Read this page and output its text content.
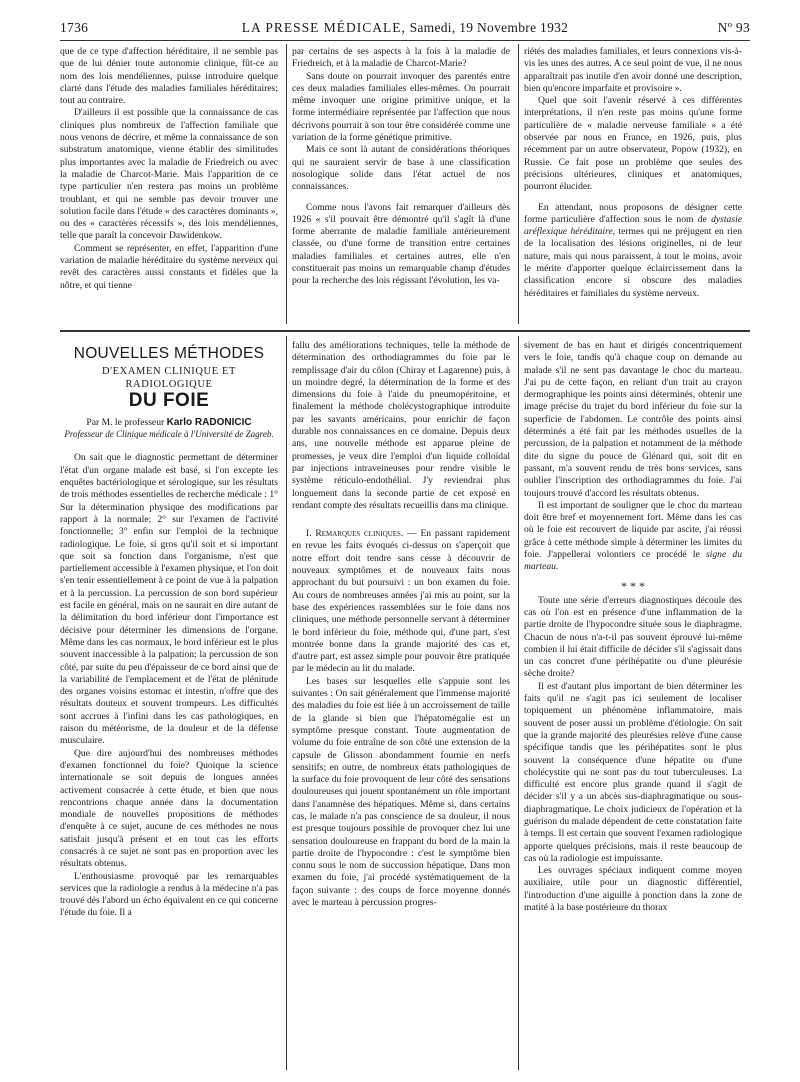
1736	LA PRESSE MÉDICALE, Samedi, 19 Novembre 1932	Nº 93

que de ce type d'affection héréditaire, il ne semble pas que de lui dénier toute autonomie clinique, fût-ce au nom des lois mendéliennes, puisse introduire quelque clarté dans l'étude des maladies familiales héréditaires; tout au contraire.

D'ailleurs il est possible que la connaissance de cas cliniques plus nombreux de l'affection familiale que nous venons de décrire, et même la connaissance de son substratum anatomique, vienne établir des similitudes plus importantes avec la maladie de Friedreich ou avec la maladie de Charcot-Marie. Mais l'apparition de ce type particulier n'en restera pas moins un problème troublant, et qui ne semble pas devoir trouver une solution facile dans l'étude « des caractères dominants », ou des « caractères récessifs », des lois mendéliennes, telle que paraît la concevoir Dawidenkow.

Comment se représenter, en effet, l'apparition d'une variation de maladie héréditaire du système nerveux qui revêt des caractères aussi constants et fidèles que la nôtre, et qui tienne

par certains de ses aspects à la fois à la maladie de Friedreich, et à la maladie de Charcot-Marie?

Sans doute on pourrait invoquer des parentés entre ces deux maladies familiales elles-mêmes. On pourrait même invoquer une origine primitive unique, et la forme intermédiaire représentée par l'affection que nous décrivons pourrait à son tour être considérée comme une variation de la forme génétique primitive.

Mais ce sont là autant de considérations théoriques qui ne sauraient servir de base à une classification nosologique solide dans l'état actuel de nos connaissances.

Comme nous l'avons fait remarquer d'ailleurs dès 1926 « s'il pouvait être démontré qu'il s'agît là d'une forme aberrante de maladie familiale antérieurement classée, ou d'une forme de transition entre certaines maladies familiales et certaines autres, elle n'en constituerait pas moins un remarquable champ d'études pour la recherche des lois régissant l'évolution, les va-

riétés des maladies familiales, et leurs connexions vis-à-vis les unes des autres. A ce seul point de vue, il ne nous apparaîtrait pas inutile d'en avoir donné une description, bien qu'encore imparfaite et provisoire ».

Quel que soit l'avenir réservé à ces différentes interprétations, il n'en reste pas moins qu'une forme particulière de « maladie nerveuse familiale » a été observée par nous en France, en 1926, puis, plus récemment par un autre observateur, Popow (1932), en Russie. Ce fait pose un problème que seules des précisions ultérieures, cliniques et anatomiques, pourront élucider.

En attendant, nous proposons de désigner cette forme particulière d'affection sous le nom de dystasie aréflexique héréditaire, termes qui ne préjugent en rien de la localisation des lésions originelles, ni de leur nature, mais qui nous paraissent, à tout le moins, avoir le mérite d'apporter quelque éclaircissement dans la classification encore si obscure des maladies héréditaires et familiales du système nerveux.

NOUVELLES MÉTHODES
D'EXAMEN CLINIQUE ET RADIOLOGIQUE
DU FOIE
Par M. le professeur Karlo RADONICIC
Professeur de Clinique médicale à l'Université de Zagreb.

On sait que le diagnostic permettant de déterminer l'état d'un organe malade est basé, si l'on excepte les enquêtes bactériologique et sérologique, sur les résultats de trois méthodes essentielles de recherche médicale : 1° Sur la détermination physique des modifications par rapport à la normale; 2° sur l'examen de l'activité fonctionnelle; 3° enfin sur l'emploi de la technique radiologique. Le foie, si gros qu'il soit et si important que soit sa fonction dans l'organisme, n'est que partiellement accessible à l'examen physique, et l'on doit s'en tenir essentiellement à ce point de vue à la palpation et à la percussion. La percussion de son bord supérieur est facile en général, mais on ne saurait en dire autant de la délimitation du bord inférieur dont l'importance est décisive pour déterminer les dimensions de l'organe. Même dans les cas normaux, le bord inférieur est le plus souvent inaccessible à la palpation; la percussion de son côté, par suite du peu d'épaisseur de ce bord ainsi que de la variabilité de l'emplacement et de l'état de plénitude des organes voisins estomac et intestin, n'offre que des résultats douteux et souvent trompeurs. Les difficultés sont accrues à l'infini dans les cas pathologiques, en raison du météorisme, de la douleur et de la défense musculaire.

Que dire aujourd'hui des nombreuses méthodes d'examen fonctionnel du foie? Quoique la science internationale se soit depuis de longues années activement consacrée à cette étude, et bien que nous rencontrions chaque année dans la documentation mondiale de nouvelles propositions de méthodes d'enquête à ce sujet, aucune de ces méthodes ne nous satisfait jusqu'à présent et en tout cas les efforts consacrés à ce sujet ne sont pas en proportion avec les résultats obtenus.

L'enthousiasme provoqué par les remarquables services que la radiologie a rendus à la médecine n'a pas trouvé dès l'abord un écho équivalent en ce qui concerne l'étude du foie. Il a

fallu des améliorations techniques, telle la méthode de détermination des orthodiagrammes du foie par le remplissage d'air du côlon (Chiray et Lagarenne) puis, à un moindre degré, la détermination de la forme et des dimensions du foie à l'aide du pneumopéritoine, et finalement la méthode cholécystographique introduite par les savants américains, pour enrichir de façon durable nos connaissances en ce domaine. Depuis deux ans, une nouvelle méthode est apparue pleine de promesses, je veux dire l'emploi d'un liquide colloïdal par injections intraveineuses pour rendre visible le système réticulo-endothélial. J'y reviendrai plus longuement dans la seconde partie de cet exposé en rendant compte des résultats recueillis dans ma clinique.

I. Remarques cliniques. — En passant rapidement en revue les faits évoqués ci-dessus on s'aperçoit que notre effort doit tendre sans cesse à découvrir de nouveaux symptômes et de nouveaux faits nous approchant du but poursuivi : un bon examen du foie. Au cours de nombreuses années j'ai mis au point, sur la base des expériences rassemblées sur le foie dans nos cliniques, une méthode personnelle servant à déterminer le bord inférieur du foie, méthode qui, d'une part, s'est montrée bonne dans la grande majorité des cas et, d'autre part, est assez simple pour pouvoir être pratiquée par le médecin au lit du malade.

Les bases sur lesquelles elle s'appuie sont les suivantes : On sait généralement que l'immense majorité des maladies du foie est liée à un accroissement de taille de la glande si bien que l'hépatomégalie est un symptôme presque constant. Toute augmentation de volume du foie entraîne de son côté une extension de la capsule de Glisson abondamment fournie en nerfs sensitifs; en outre, de nombreux états pathologiques de la surface du foie provoquent de leur côté des sensations douloureuses qui jouent spontanément un rôle important dans l'anamnèse des hépatiques. Même si, dans certains cas, le malade n'a pas conscience de sa douleur, il nous est presque toujours possible de provoquer chez lui une sensation douloureuse en frappant du bord de la main la partie droite de l'hypocondre : c'est le symptôme bien connu sous le nom de succussion hépatique. Dans mon examen du foie, j'ai procédé systématiquement de la façon suivante : des coups de force moyenne donnés avec le marteau à percussion progres-

sivement de bas en haut et dirigés concentriquement vers le foie, tandis qu'à chaque coup on demande au malade s'il ne sent pas davantage le choc du marteau. J'ai pu de cette façon, en reliant d'un trait au crayon dermographique les points ainsi déterminés, obtenir une image précise du trajet du bord inférieur du foie sur la superficie de l'abdomen. Le contrôle des points ainsi déterminés a été fait par les méthodes usuelles de la percussion, de la palpation et notamment de la méthode dite du signe du pouce de Glénard qui, soit dit en passant, m'a souvent rendu de très bons services, sans oublier l'inscription des orthodiagrammes du foie. J'ai toujours trouvé d'accord les résultats obtenus.

Il est important de souligner que le choc du marteau doit être bref et moyennement fort. Même dans les cas où le foie est recouvert de liquide par ascite, j'ai réussi grâce à cette méthode simple à déterminer les limites du foie. J'appellerai volontiers ce procédé le signe du marteau.

* * *

Toute une série d'erreurs diagnostiques découle des cas où l'on est en présence d'une inflammation de la partie droite de l'hypocondre située sous le diaphragme. Chacun de nous n'a-t-il pas souvent éprouvé lui-même combien il lui était difficile de décider s'il s'agissait dans un cas concret d'une périhépatite ou d'une pleurésie sèche droite?

Il est d'autant plus important de bien déterminer les faits qu'il ne s'agit pas ici seulement de localiser topiquement un phénomène inflammatoire, mais souvent de poser aussi un problème d'étiologie. On sait que la grande majorité des pleurésies relève d'une cause spécifique tandis que les périhépatites sont le plus souvent la conséquence d'une hépatite ou d'une cholécystite qui ne sont pas du tout tuberculeuses. La difficulté est encore plus grande quand il s'agit de décider s'il y a un abcès sus-diaphragmatique ou sous-diaphragmatique. Le choix judicieux de l'opération et la guérison du malade dépendent de cette constatation faite à temps. Il est certain que souvent l'examen radiologique apporte quelques précisions, mais il reste beaucoup de cas où la radiologie est impuissante.

Les ouvrages spéciaux indiquent comme moyen auxiliaire, utile pour un diagnostic différentiel, l'introduction d'une aiguille à ponction dans la zone de matité à la base postérieure du thorax
